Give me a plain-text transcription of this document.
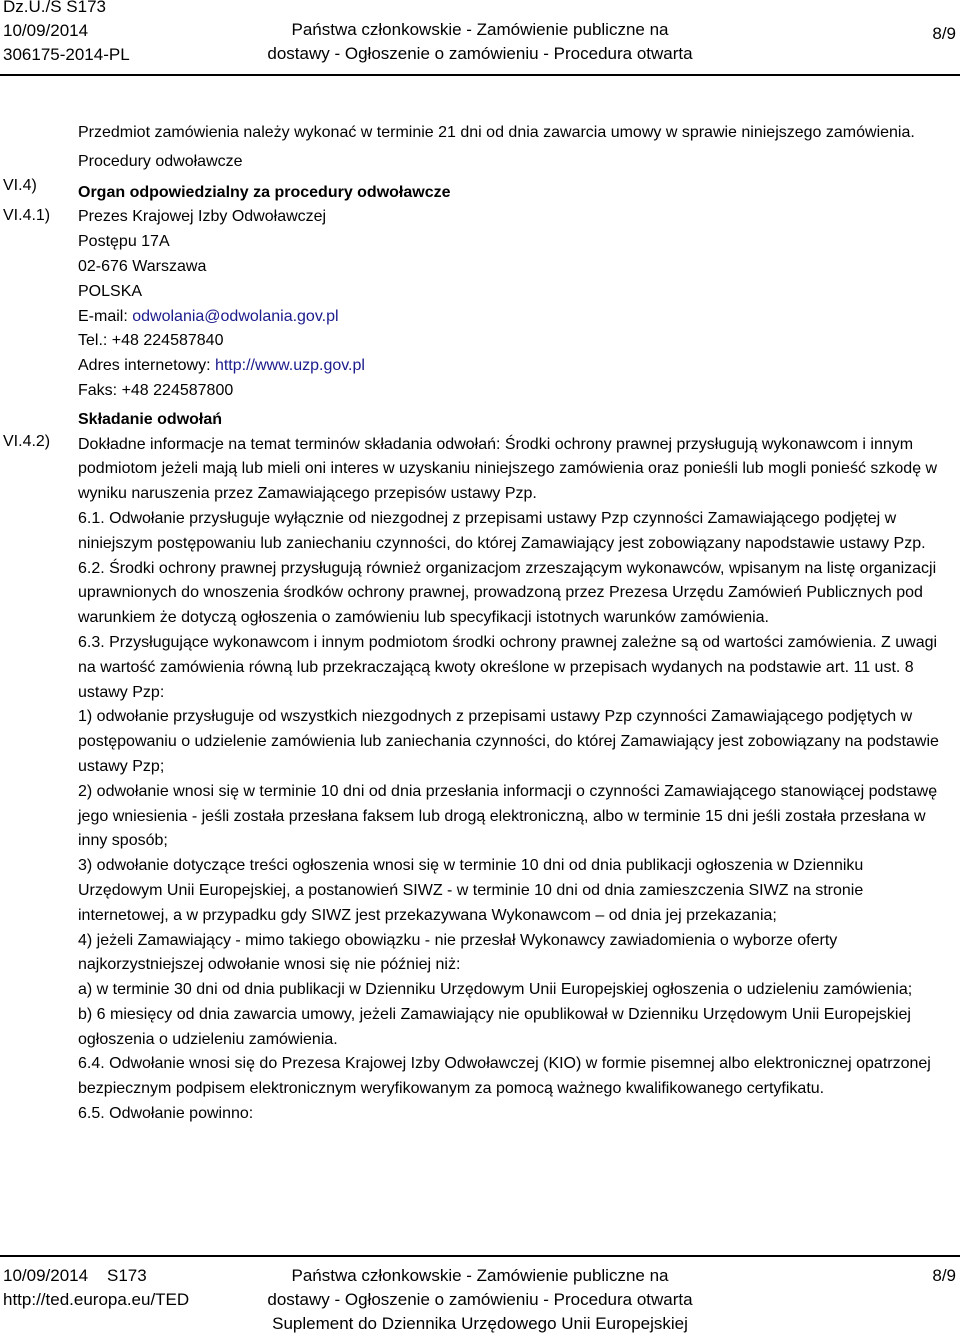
Dz.U./S S173
10/09/2014
306175-2014-PL
Państwa członkowskie - Zamówienie publiczne na
dostawy - Ogłoszenie o zamówieniu - Procedura otwarta
8/9
VI.4)
VI.4.1)
VI.4.2)

Przedmiot zamówienia należy wykonać w terminie 21 dni od dnia zawarcia umowy w sprawie niniejszego zamówienia.

Procedury odwoławcze

Organ odpowiedzialny za procedury odwoławcze

Prezes Krajowej Izby Odwoławczej

Postępu 17A

02-676 Warszawa

POLSKA

E-mail: odwolania@odwolania.gov.pl

Tel.: +48 224587840

Adres internetowy: http://www.uzp.gov.pl

Faks: +48 224587800

Składanie odwołań

Dokładne informacje na temat terminów składania odwołań: Środki ochrony prawnej przysługują wykonawcom i innym podmiotom jeżeli mają lub mieli oni interes w uzyskaniu niniejszego zamówienia oraz ponieśli lub mogli ponieść szkodę w wyniku naruszenia przez Zamawiającego przepisów ustawy Pzp.

6.1. Odwołanie przysługuje wyłącznie od niezgodnej z przepisami ustawy Pzp czynności Zamawiającego podjętej w niniejszym postępowaniu lub zaniechaniu czynności, do której Zamawiający jest zobowiązany napodstawie ustawy Pzp.

6.2. Środki ochrony prawnej przysługują również organizacjom zrzeszającym wykonawców, wpisanym na listę organizacji uprawnionych do wnoszenia środków ochrony prawnej, prowadzoną przez Prezesa Urzędu Zamówień Publicznych pod warunkiem że dotyczą ogłoszenia o zamówieniu lub specyfikacji istotnych warunków zamówienia.

6.3. Przysługujące wykonawcom i innym podmiotom środki ochrony prawnej zależne są od wartości zamówienia. Z uwagi na wartość zamówienia równą lub przekraczającą kwoty określone w przepisach wydanych na podstawie art. 11 ust. 8 ustawy Pzp:

1) odwołanie przysługuje od wszystkich niezgodnych z przepisami ustawy Pzp czynności Zamawiającego podjętych w postępowaniu o udzielenie zamówienia lub zaniechania czynności, do której Zamawiający jest zobowiązany na podstawie ustawy Pzp;

2) odwołanie wnosi się w terminie 10 dni od dnia przesłania informacji o czynności Zamawiającego stanowiącej podstawę jego wniesienia - jeśli została przesłana faksem lub drogą elektroniczną, albo w terminie 15 dni jeśli została przesłana w inny sposób;

3) odwołanie dotyczące treści ogłoszenia wnosi się w terminie 10 dni od dnia publikacji ogłoszenia w Dzienniku Urzędowym Unii Europejskiej, a postanowień SIWZ - w terminie 10 dni od dnia zamieszczenia SIWZ na stronie internetowej, a w przypadku gdy SIWZ jest przekazywana Wykonawcom – od dnia jej przekazania;

4) jeżeli Zamawiający - mimo takiego obowiązku - nie przesłał Wykonawcy zawiadomienia o wyborze oferty najkorzystniejszej odwołanie wnosi się nie później niż:

a) w terminie 30 dni od dnia publikacji w Dzienniku Urzędowym Unii Europejskiej ogłoszenia o udzieleniu zamówienia;

b) 6 miesięcy od dnia zawarcia umowy, jeżeli Zamawiający nie opublikował w Dzienniku Urzędowym Unii Europejskiej ogłoszenia o udzieleniu zamówienia.

6.4. Odwołanie wnosi się do Prezesa Krajowej Izby Odwoławczej (KIO) w formie pisemnej albo elektronicznej opatrzonej bezpiecznym podpisem elektronicznym weryfikowanym za pomocą ważnego kwalifikowanego certyfikatu.

6.5. Odwołanie powinno:

10/09/2014 S173
http://ted.europa.eu/TED
Państwa członkowskie - Zamówienie publiczne na
dostawy - Ogłoszenie o zamówieniu - Procedura otwarta
Suplement do Dziennika Urzędowego Unii Europejskiej
8/9
